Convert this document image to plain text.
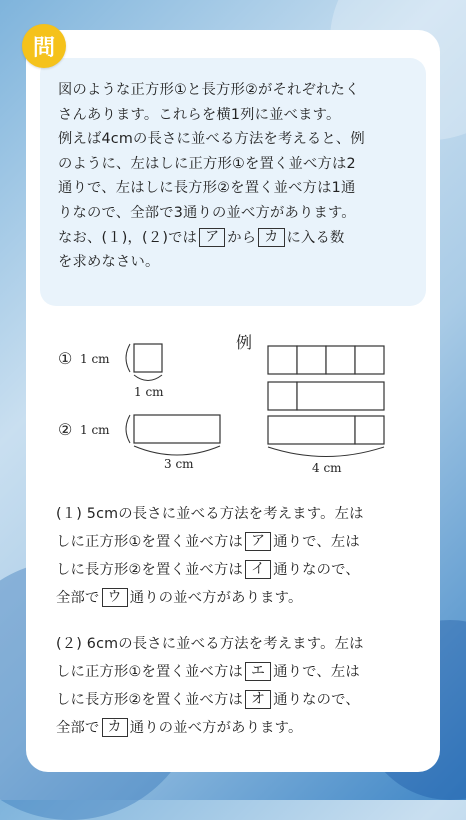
問
図のような正方形①と長方形②がそれぞれたく
さんあります。これらを横1列に並べます。
例えば4cmの長さに並べる方法を考えると、例
のように、左はしに正方形①を置く並べ方は2
通りで、左はしに長方形②を置く並べ方は1通
りなので、全部で3通りの並べ方があります。
なお、(１)，(２)では ア から カ に入る数
を求めなさい。
① 1 cm
1 cm
② 1 cm
3 cm
例
4 cm
(１) 5cmの長さに並べる方法を考えます。左は
しに正方形①を置く並べ方は ア 通りで、左は
しに長方形②を置く並べ方は イ 通りなので、
全部で ウ 通りの並べ方があります。
(２) 6cmの長さに並べる方法を考えます。左は
しに正方形①を置く並べ方は エ 通りで、左は
しに長方形②を置く並べ方は オ 通りなので、
全部で カ 通りの並べ方があります。
